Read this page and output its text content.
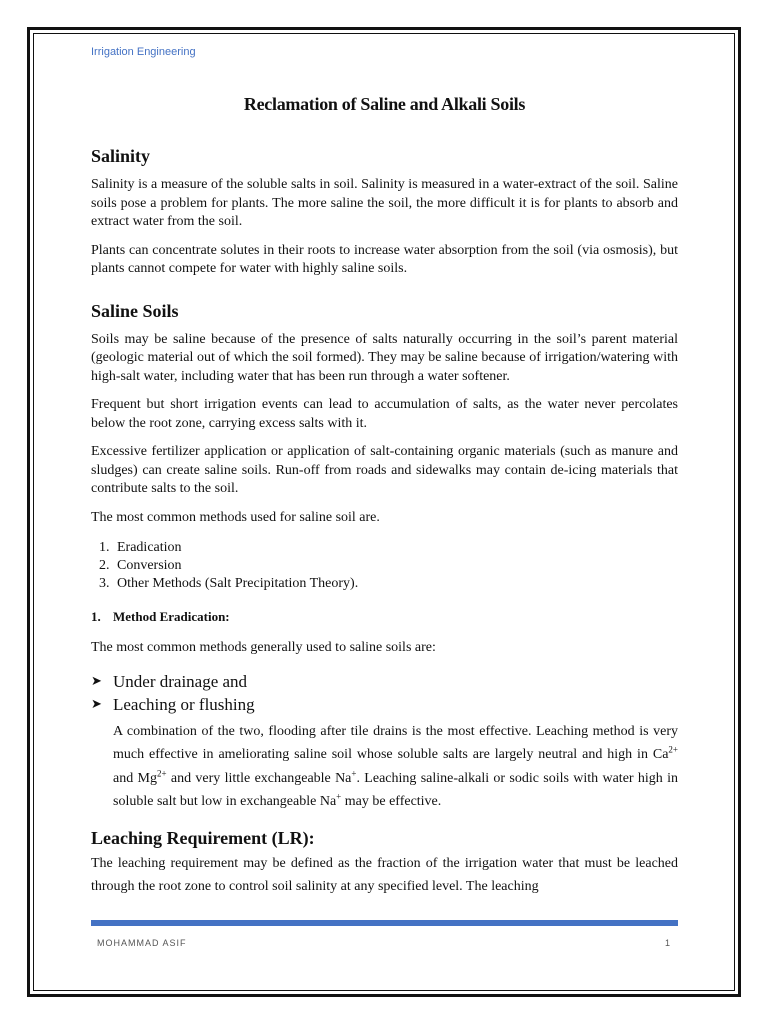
Irrigation Engineering
Reclamation of Saline and Alkali Soils
Salinity

Salinity is a measure of the soluble salts in soil. Salinity is measured in a water-extract of the soil. Saline soils pose a problem for plants. The more saline the soil, the more difficult it is for plants to absorb and extract water from the soil.

Plants can concentrate solutes in their roots to increase water absorption from the soil (via osmosis), but plants cannot compete for water with highly saline soils.

Saline Soils

Soils may be saline because of the presence of salts naturally occurring in the soil’s parent material (geologic material out of which the soil formed). They may be saline because of irrigation/watering with high-salt water, including water that has been run through a water softener.

Frequent but short irrigation events can lead to accumulation of salts, as the water never percolates below the root zone, carrying excess salts with it.

Excessive fertilizer application or application of salt-containing organic materials (such as manure and sludges) can create saline soils. Run-off from roads and sidewalks may contain de-icing materials that contribute salts to the soil.

The most common methods used for saline soil are.

1. Eradication
2. Conversion
3. Other Methods (Salt Precipitation Theory).
1. Method Eradication:

The most common methods generally used to saline soils are:

➤ Under drainage and
➤ Leaching or flushing

A combination of the two, flooding after tile drains is the most effective. Leaching method is very much effective in ameliorating saline soil whose soluble salts are largely neutral and high in $Ca^{2+}$ and $Mg^{2+}$ and very little exchangeable Na+. Leaching saline-alkali or sodic soils with water high in soluble salt but low in exchangeable Na+ may be effective.

Leaching Requirement (LR):

The leaching requirement may be defined as the fraction of the irrigation water that must be leached through the root zone to control soil salinity at any specified level. The leaching

MOHAMMAD ASIF	1
